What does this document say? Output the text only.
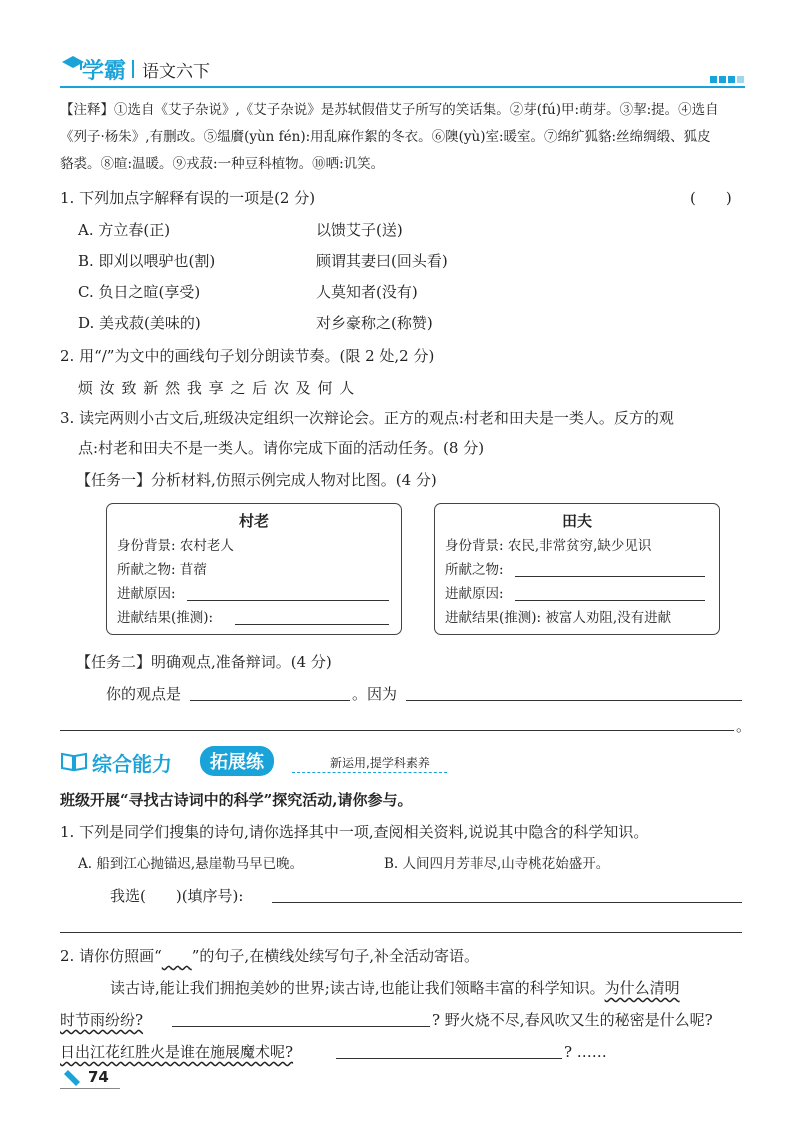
学霸 语文六下
【注释】①选自《艾子杂说》,《艾子杂说》是苏轼假借艾子所写的笑话集。②芽(fú)甲:萌芽。③挈:提。④选自
《列子·杨朱》,有删改。⑤缊黂(yùn fén):用乱麻作絮的冬衣。⑥隩(yù)室:暖室。⑦绵纩狐貉:丝绵绸缎、狐皮
貉裘。⑧暄:温暖。⑨戎菽:一种豆科植物。⑩哂:讥笑。
1. 下列加点字解释有误的一项是(2 分)	(　　)
A. 方立春(正)	以馈艾子(送)
B. 即刈以喂驴也(割)	顾谓其妻曰(回头看)
C. 负日之暄(享受)	人莫知者(没有)
D. 美戎菽(美味的)	对乡豪称之(称赞)
2. 用“/”为文中的画线句子划分朗读节奏。(限 2 处,2 分)
烦 汝 致 新 然 我 享 之 后 次 及 何 人
3. 读完两则小古文后,班级决定组织一次辩论会。正方的观点:村老和田夫是一类人。反方的观
点:村老和田夫不是一类人。请你完成下面的活动任务。(8 分)
【任务一】分析材料,仿照示例完成人物对比图。(4 分)
村老
身份背景: 农村老人
所献之物: 苜蓿
进献原因:
进献结果(推测):
田夫
身份背景: 农民,非常贫穷,缺少见识
所献之物:
进献原因:
进献结果(推测): 被富人劝阻,没有进献
【任务二】明确观点,准备辩词。(4 分)
你的观点是	。因为
。
综合能力	拓展练	新运用,提学科素养
班级开展“寻找古诗词中的科学”探究活动,请你参与。
1. 下列是同学们搜集的诗句,请你选择其中一项,查阅相关资料,说说其中隐含的科学知识。
A. 船到江心抛锚迟,悬崖勒马早已晚。	B. 人间四月芳菲尽,山寺桃花始盛开。
我选(　　)(填序号):
2. 请你仿照画“　　 ”的句子,在横线处续写句子,补全活动寄语。
读古诗,能让我们拥抱美妙的世界;读古诗,也能让我们领略丰富的科学知识。为什么清明
时节雨纷纷?	? 野火烧不尽,春风吹又生的秘密是什么呢?
日出江花红胜火是谁在施展魔术呢?	? ……
74
